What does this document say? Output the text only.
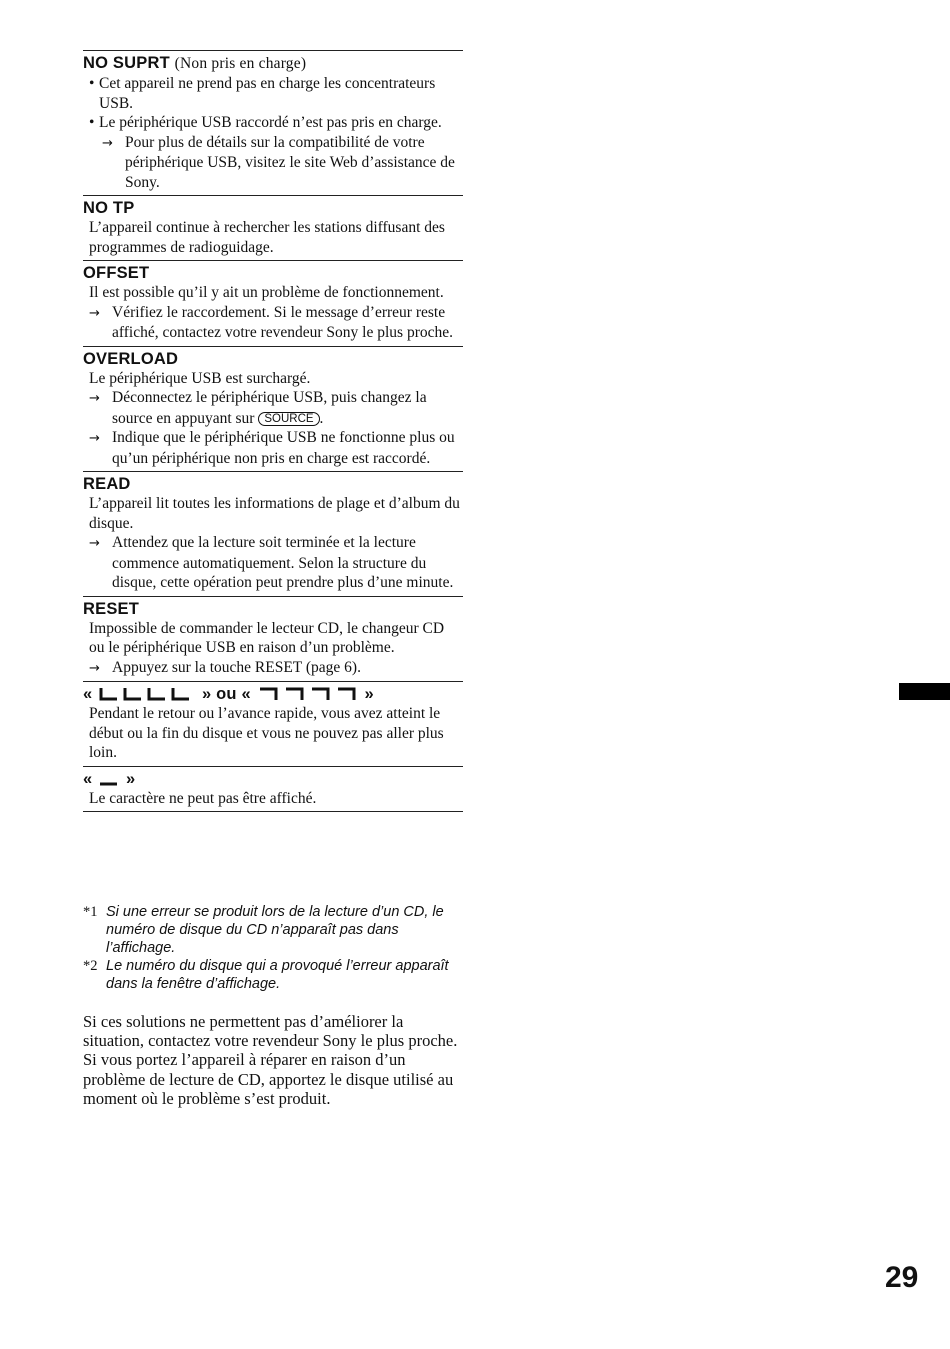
NO SUPRT (Non pris en charge)
• Cet appareil ne prend pas en charge les concentrateurs USB.
• Le périphérique USB raccordé n’est pas pris en charge.
→ Pour plus de détails sur la compatibilité de votre périphérique USB, visitez le site Web d’assistance de Sony.
NO TP
L’appareil continue à rechercher les stations diffusant des programmes de radioguidage.
OFFSET
Il est possible qu’il y ait un problème de fonctionnement.
→ Vérifiez le raccordement. Si le message d’erreur reste affiché, contactez votre revendeur Sony le plus proche.
OVERLOAD
Le périphérique USB est surchargé.
→ Déconnectez le périphérique USB, puis changez la source en appuyant sur SOURCE .
→ Indique que le périphérique USB ne fonctionne plus ou qu’un périphérique non pris en charge est raccordé.
READ
L’appareil lit toutes les informations de plage et d’album du disque.
→ Attendez que la lecture soit terminée et la lecture commence automatiquement. Selon la structure du disque, cette opération peut prendre plus d’une minute.
RESET
Impossible de commander le lecteur CD, le changeur CD ou le périphérique USB en raison d’un problème.
→ Appuyez sur la touche RESET (page 6).
«	» ou «	»
Pendant le retour ou l’avance rapide, vous avez atteint le début ou la fin du disque et vous ne pouvez pas aller plus loin.
« »
Le caractère ne peut pas être affiché.
*1 Si une erreur se produit lors de la lecture d’un CD, le numéro de disque du CD n’apparaît pas dans l’affichage.
*2 Le numéro du disque qui a provoqué l’erreur apparaît dans la fenêtre d’affichage.
Si ces solutions ne permettent pas d’améliorer la situation, contactez votre revendeur Sony le plus proche.
Si vous portez l’appareil à réparer en raison d’un problème de lecture de CD, apportez le disque utilisé au moment où le problème s’est produit.
29
